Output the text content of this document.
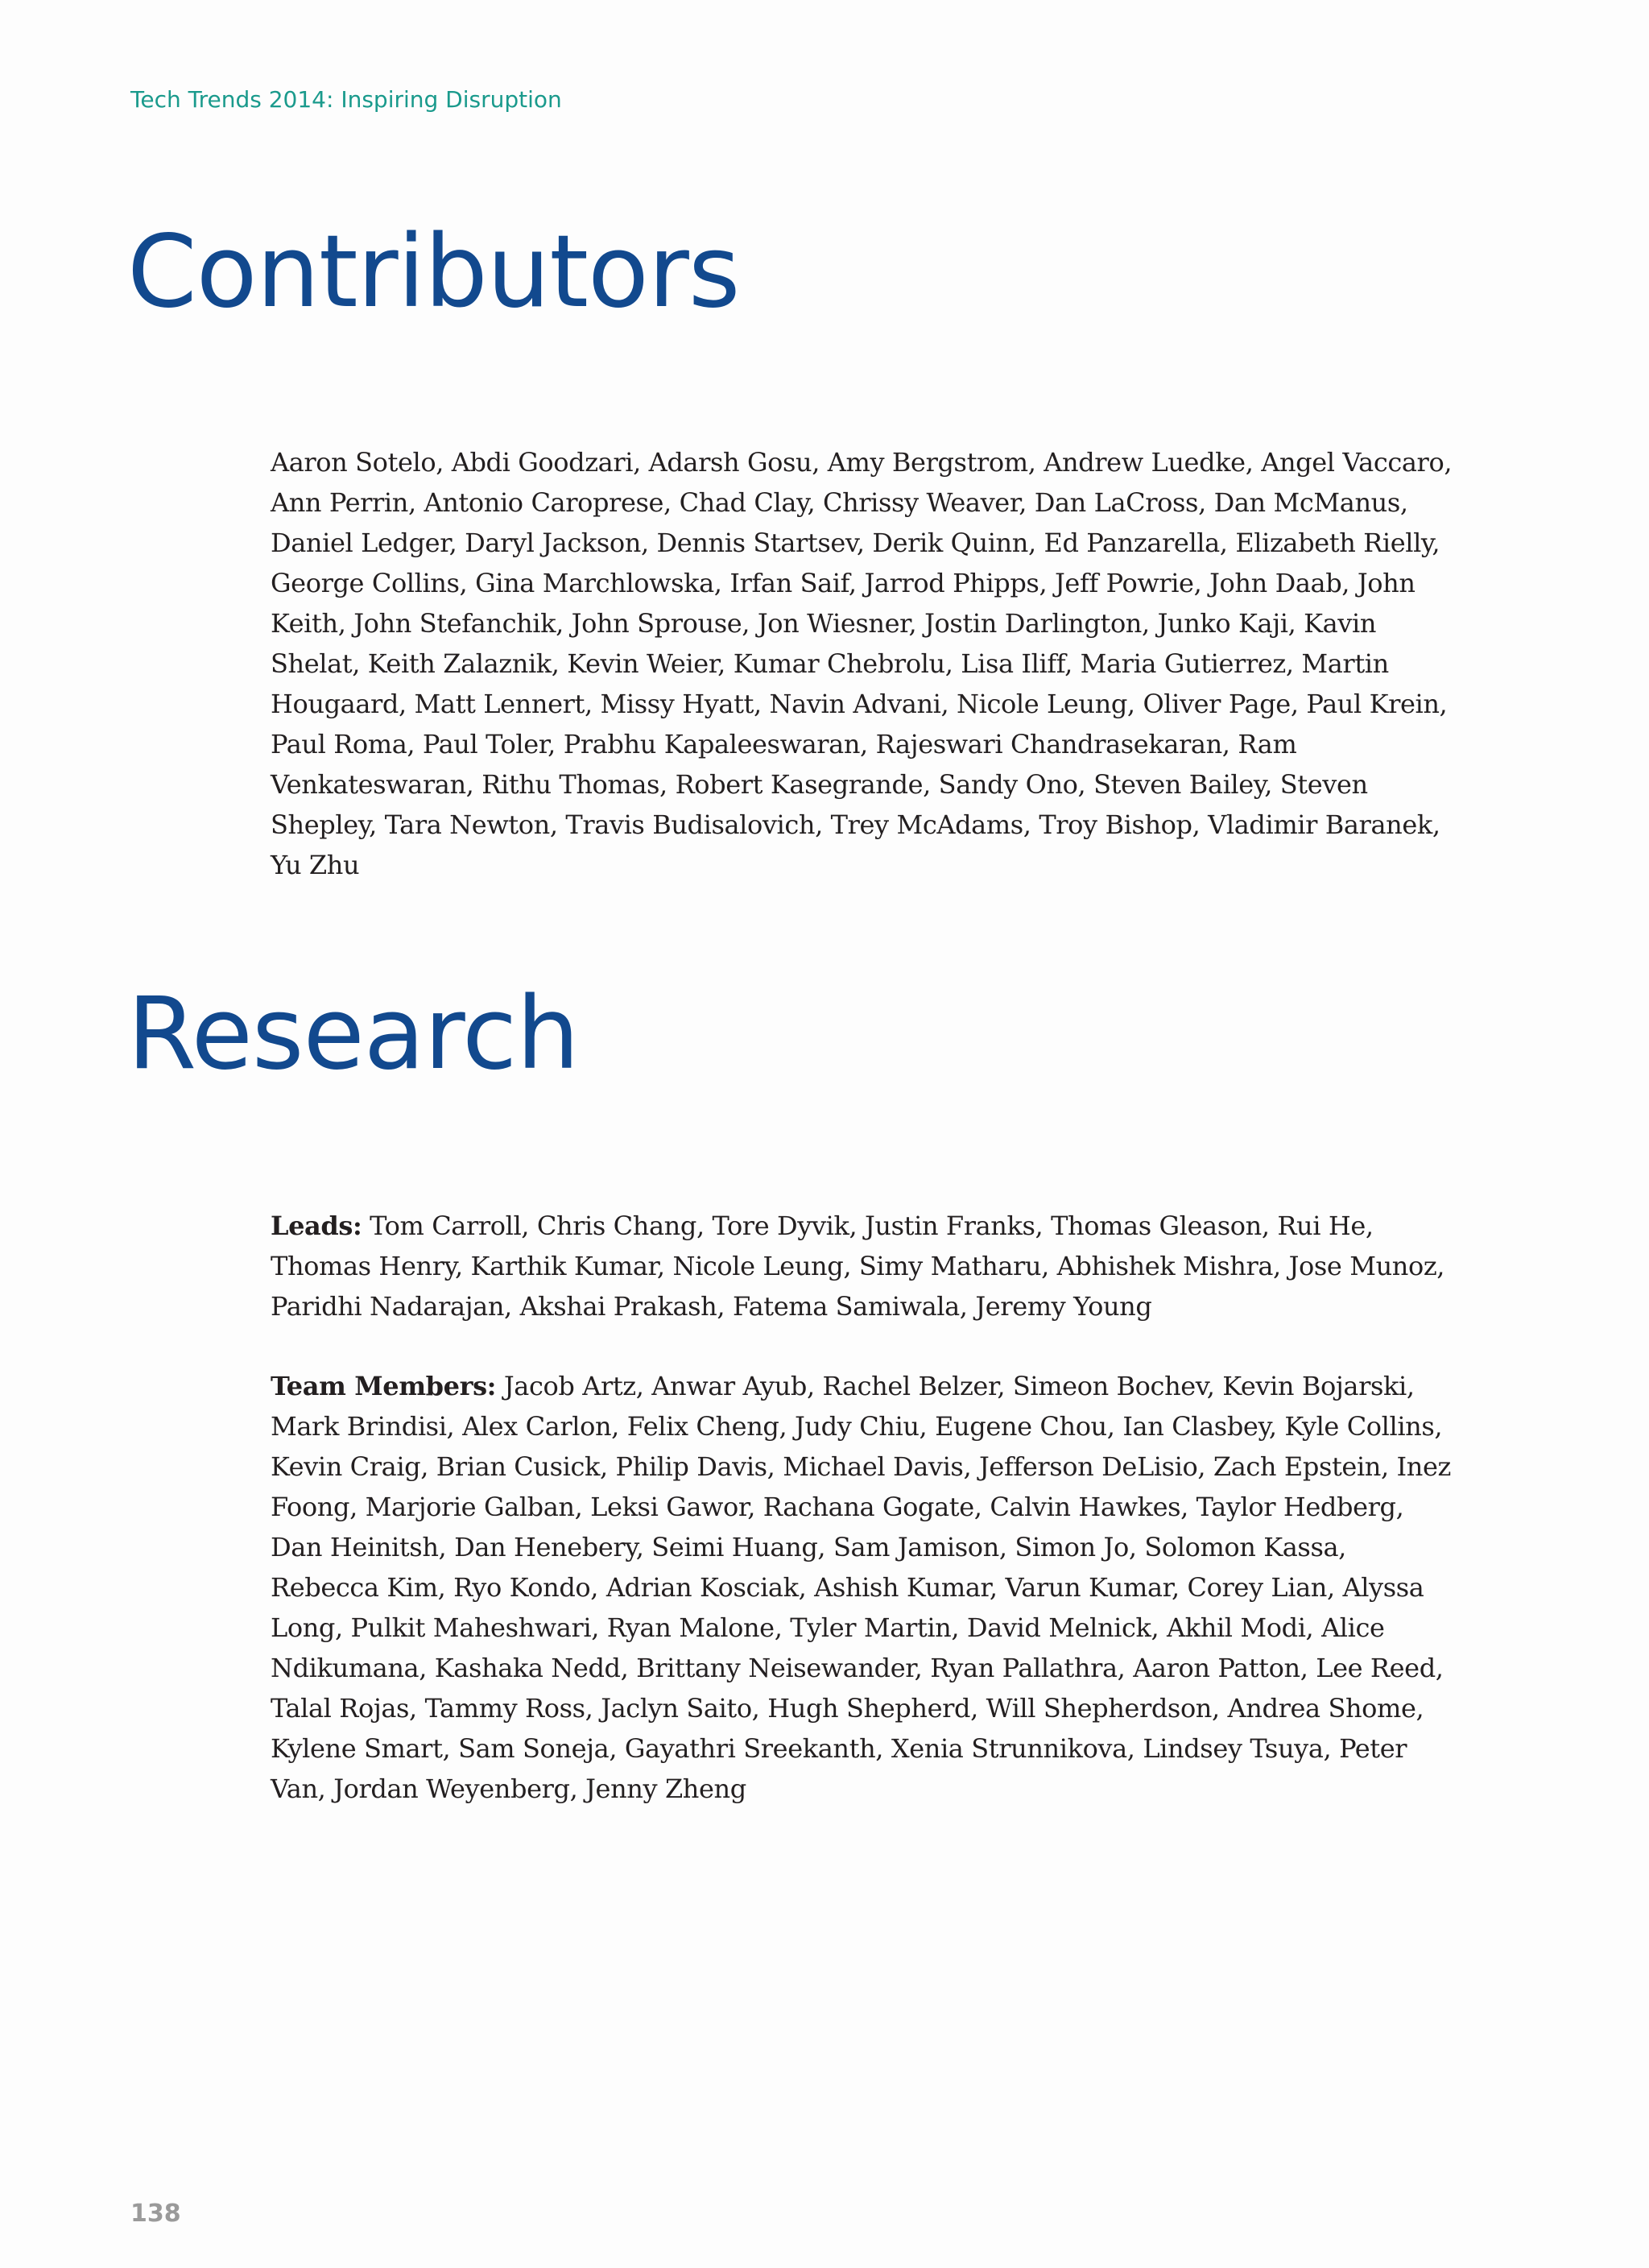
Tech Trends 2014: Inspiring Disruption
Contributors

Aaron Sotelo, Abdi Goodzari, Adarsh Gosu, Amy Bergstrom, Andrew Luedke, Angel Vaccaro, Ann Perrin, Antonio Caroprese, Chad Clay, Chrissy Weaver, Dan LaCross, Dan McManus, Daniel Ledger, Daryl Jackson, Dennis Startsev, Derik Quinn, Ed Panzarella, Elizabeth Rielly, George Collins, Gina Marchlowska, Irfan Saif, Jarrod Phipps, Jeff Powrie, John Daab, John Keith, John Stefanchik, John Sprouse, Jon Wiesner, Jostin Darlington, Junko Kaji, Kavin Shelat, Keith Zalaznik, Kevin Weier, Kumar Chebrolu, Lisa Iliff, Maria Gutierrez, Martin Hougaard, Matt Lennert, Missy Hyatt, Navin Advani, Nicole Leung, Oliver Page, Paul Krein, Paul Roma, Paul Toler, Prabhu Kapaleeswaran, Rajeswari Chandrasekaran, Ram Venkateswaran, Rithu Thomas, Robert Kasegrande, Sandy Ono, Steven Bailey, Steven Shepley, Tara Newton, Travis Budisalovich, Trey McAdams, Troy Bishop, Vladimir Baranek, Yu Zhu

Research

Leads: Tom Carroll, Chris Chang, Tore Dyvik, Justin Franks, Thomas Gleason, Rui He, Thomas Henry, Karthik Kumar, Nicole Leung, Simy Matharu, Abhishek Mishra, Jose Munoz, Paridhi Nadarajan, Akshai Prakash, Fatema Samiwala, Jeremy Young

Team Members: Jacob Artz, Anwar Ayub, Rachel Belzer, Simeon Bochev, Kevin Bojarski, Mark Brindisi, Alex Carlon, Felix Cheng, Judy Chiu, Eugene Chou, Ian Clasbey, Kyle Collins, Kevin Craig, Brian Cusick, Philip Davis, Michael Davis, Jefferson DeLisio, Zach Epstein, Inez Foong, Marjorie Galban, Leksi Gawor, Rachana Gogate, Calvin Hawkes, Taylor Hedberg, Dan Heinitsh, Dan Henebery, Seimi Huang, Sam Jamison, Simon Jo, Solomon Kassa, Rebecca Kim, Ryo Kondo, Adrian Kosciak, Ashish Kumar, Varun Kumar, Corey Lian, Alyssa Long, Pulkit Maheshwari, Ryan Malone, Tyler Martin, David Melnick, Akhil Modi, Alice Ndikumana, Kashaka Nedd, Brittany Neisewander, Ryan Pallathra, Aaron Patton, Lee Reed, Talal Rojas, Tammy Ross, Jaclyn Saito, Hugh Shepherd, Will Shepherdson, Andrea Shome, Kylene Smart, Sam Soneja, Gayathri Sreekanth, Xenia Strunnikova, Lindsey Tsuya, Peter Van, Jordan Weyenberg, Jenny Zheng

138
